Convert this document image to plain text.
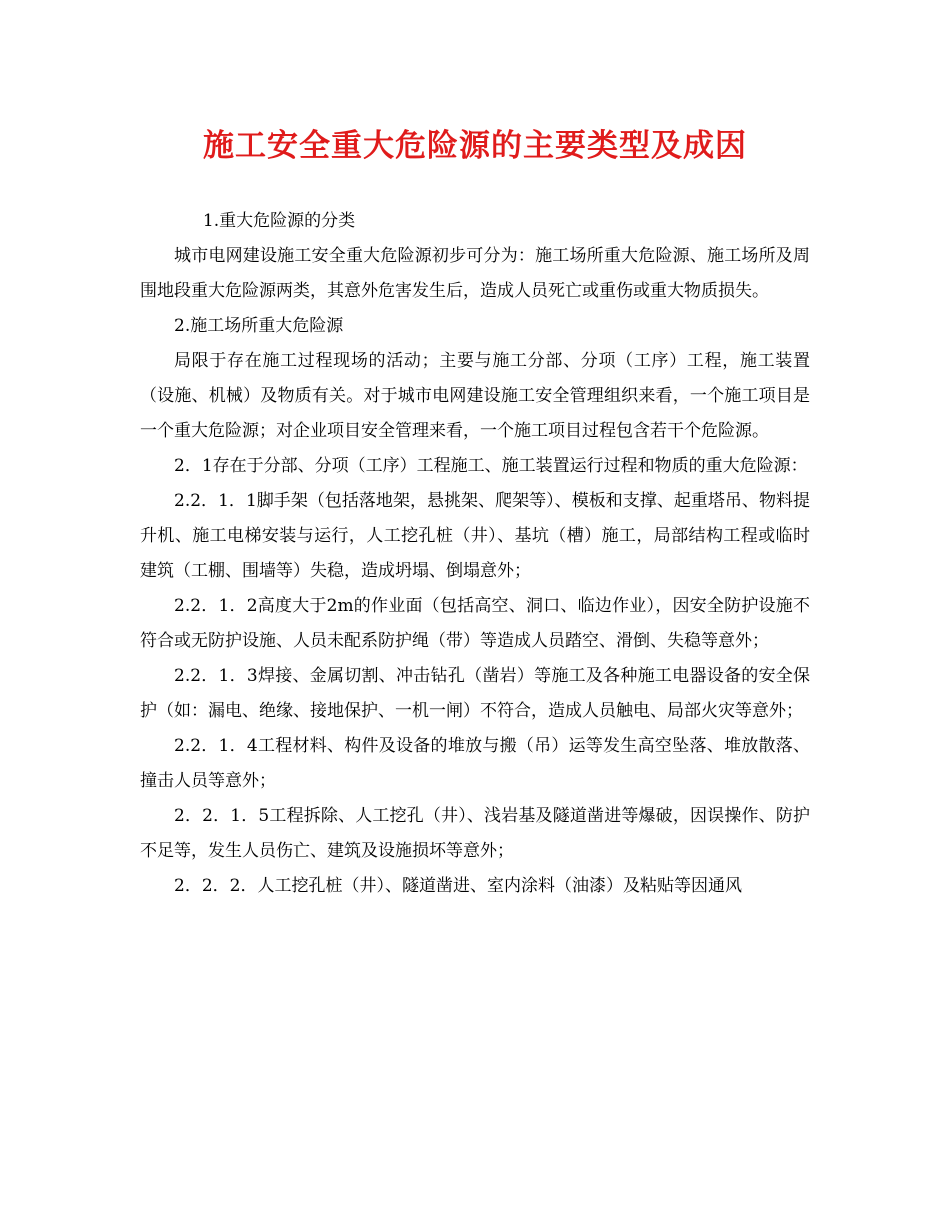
施工安全重大危险源的主要类型及成因

1.重大危险源的分类

城市电网建设施工安全重大危险源初步可分为：施工场所重大危险源、施工场所及周围地段重大危险源两类，其意外危害发生后，造成人员死亡或重伤或重大物质损失。

2.施工场所重大危险源

局限于存在施工过程现场的活动；主要与施工分部、分项（工序）工程，施工装置（设施、机械）及物质有关。对于城市电网建设施工安全管理组织来看，一个施工项目是一个重大危险源；对企业项目安全管理来看，一个施工项目过程包含若干个危险源。

2．1存在于分部、分项（工序）工程施工、施工装置运行过程和物质的重大危险源：

2.2．1．1脚手架（包括落地架，悬挑架、爬架等）、模板和支撑、起重塔吊、物料提升机、施工电梯安装与运行，人工挖孔桩（井）、基坑（槽）施工，局部结构工程或临时建筑（工棚、围墙等）失稳，造成坍塌、倒塌意外；

2.2．1．2高度大于2m的作业面（包括高空、洞口、临边作业），因安全防护设施不符合或无防护设施、人员未配系防护绳（带）等造成人员踏空、滑倒、失稳等意外；

2.2．1．3焊接、金属切割、冲击钻孔（凿岩）等施工及各种施工电器设备的安全保护（如：漏电、绝缘、接地保护、一机一闸）不符合，造成人员触电、局部火灾等意外；

2.2．1．4工程材料、构件及设备的堆放与搬（吊）运等发生高空坠落、堆放散落、撞击人员等意外；

2．2．1．5工程拆除、人工挖孔（井）、浅岩基及隧道凿进等爆破，因误操作、防护不足等，发生人员伤亡、建筑及设施损坏等意外；

2．2．2．人工挖孔桩（井）、隧道凿进、室内涂料（油漆）及粘贴等因通风
